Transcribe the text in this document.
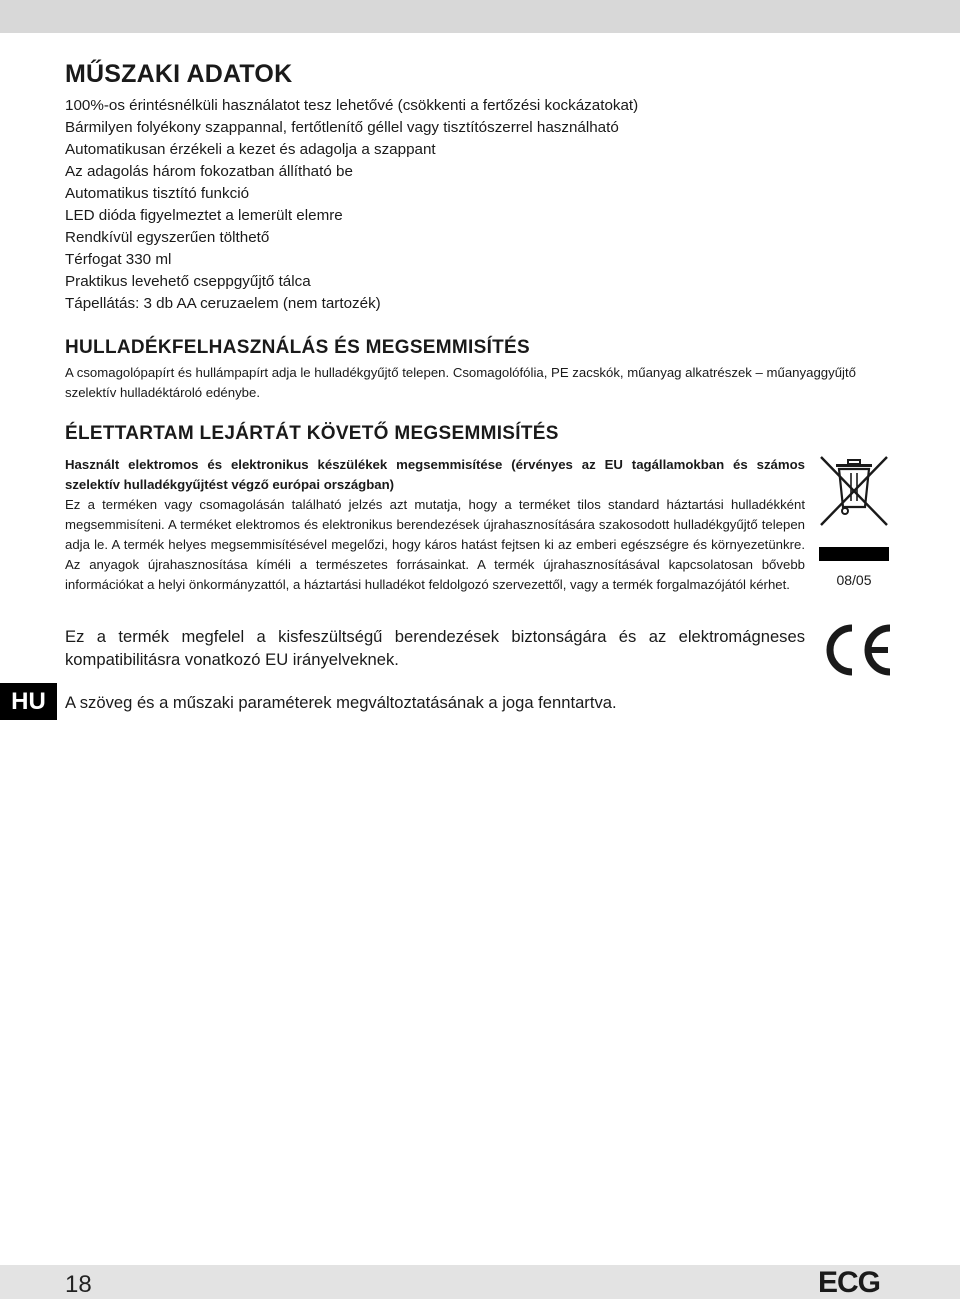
MŰSZAKI ADATOK
100%-os érintésnélküli használatot tesz lehetővé (csökkenti a fertőzési kockázatokat)
Bármilyen folyékony szappannal, fertőtlenítő géllel vagy tisztítószerrel használható
Automatikusan érzékeli a kezet és adagolja a szappant
Az adagolás három fokozatban állítható be
Automatikus tisztító funkció
LED dióda figyelmeztet a lemerült elemre
Rendkívül egyszerűen tölthető
Térfogat 330 ml
Praktikus levehető cseppgyűjtő tálca
Tápellátás: 3 db AA ceruzaelem (nem tartozék)
HULLADÉKFELHASZNÁLÁS ÉS MEGSEMMISÍTÉS

A csomagolópapírt és hullámpapírt adja le hulladékgyűjtő telepen. Csomagolófólia, PE zacskók, műanyag alkatrészek – műanyaggyűjtő szelektív hulladéktároló edénybe.

ÉLETTARTAM LEJÁRTÁT KÖVETŐ MEGSEMMISÍTÉS

Használt elektromos és elektronikus készülékek megsemmisítése (érvényes az EU tagállamokban és számos szelektív hulladékgyűjtést végző európai országban)

Ez a terméken vagy csomagolásán található jelzés azt mutatja, hogy a terméket tilos standard háztartási hulladékként megsemmisíteni. A terméket elektromos és elektronikus berendezések újrahasznosítására szakosodott hulladékgyűjtő telepen adja le. A termék helyes megsemmisítésével megelőzi, hogy káros hatást fejtsen ki az emberi egészségre és környezetünkre. Az anyagok újrahasznosítása kíméli a természetes forrásainkat. A termék újrahasznosításával kapcsolatosan bővebb információkat a helyi önkormányzattól, a háztartási hulladékot feldolgozó szervezettől, vagy a termék forgalmazójától kérhet.	08/05

Ez a termék megfelel a kisfeszültségű berendezések biztonságára és az elektromágneses kompatibilitásra vonatkozó EU irányelveknek.

A szöveg és a műszaki paraméterek megváltoztatásának a joga fenntartva.
HU
18	ECG
